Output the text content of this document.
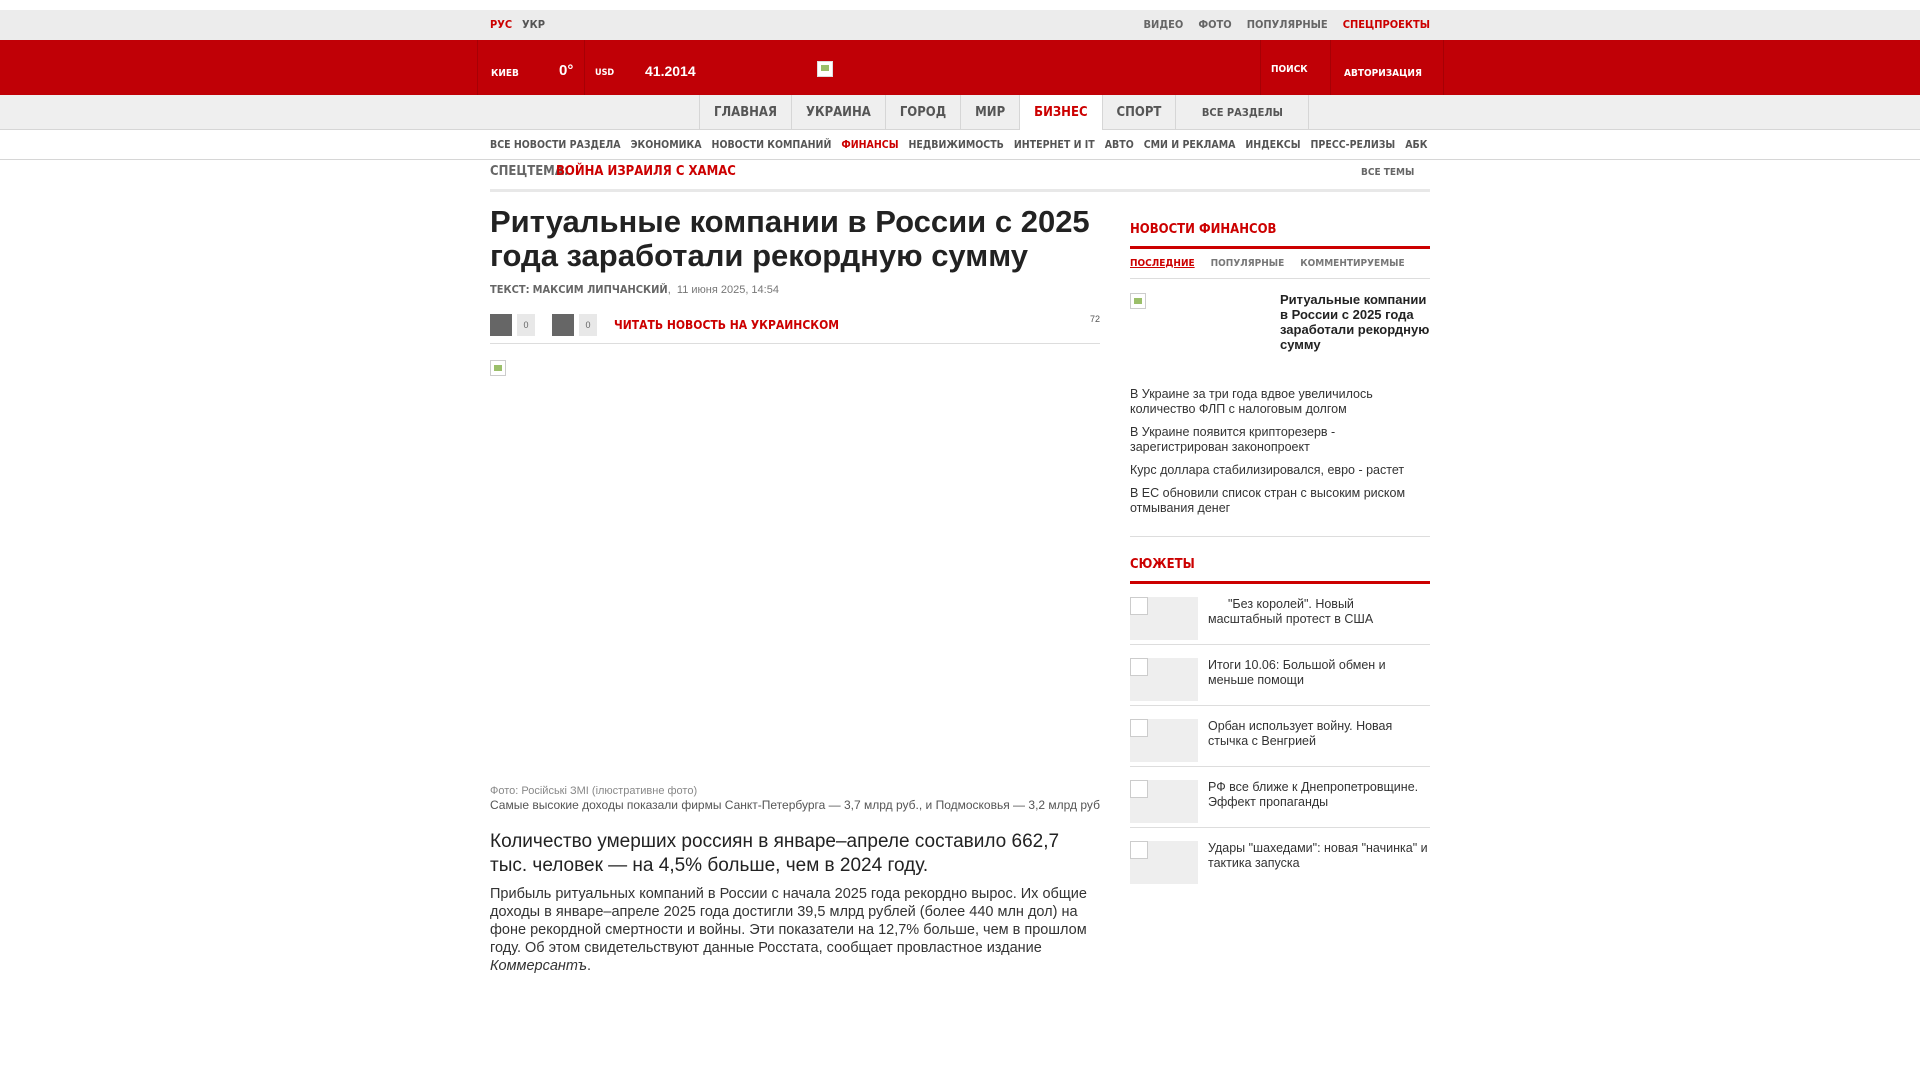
РУС УКР	ВИДЕО ФОТО ПОПУЛЯРНЫЕ СПЕЦПРОЕКТЫ
КИЕВ	0° USD 41.2014	ПОИСК	АВТОРИЗАЦИЯ
ГЛАВНАЯ	УКРАИНА	ГОРОД	МИР	БИЗНЕС	СПОРТ	ВСЕ РАЗДЕЛЫ
ВСЕ НОВОСТИ РАЗДЕЛА ЭКОНОМИКА НОВОСТИ КОМПАНИЙ ФИНАНСЫ НЕДВИЖИМОСТЬ ИНТЕРНЕТ И IT АВТО СМИ И РЕКЛАМА ИНДЕКСЫ ПРЕСС-РЕЛИЗЫ АБК
СПЕЦТЕМА:
ВОЙНА ИЗРАИЛЯ С ХАМАС	ВСЕ ТЕМЫ
Ритуальные компании в России с 2025 года заработали рекордную сумму
ТЕКСТ: МАКСИМ ЛИПЧАНСКИЙ,  11 июня 2025, 14:54
0	0	ЧИТАТЬ НОВОСТЬ НА УКРАИНСКОМ	72
Фото: Російські ЗМІ (ілюстративне фото)
Самые высокие доходы показали фирмы Санкт-Петербурга — 3,7 млрд руб., и Подмосковья — 3,2 млрд руб
Количество умерших россиян в январе–апреле составило 662,7 тыс. человек — на 4,5% больше, чем в 2024 году.
Прибыль ритуальных компаний в России с начала 2025 года рекордно вырос. Их общие доходы в январе–апреле 2025 года достигли 39,5 млрд рублей (более 440 млн дол) на фоне рекордной смертности и войны. Эти показатели на 12,7% больше, чем в прошлом году. Об этом свидетельствуют данные Росстата, сообщает провластное издание Коммерсантъ.
НОВОСТИ ФИНАНСОВ
ПОСЛЕДНИЕ ПОПУЛЯРНЫЕ КОММЕНТИРУЕМЫЕ
Ритуальные компании в России с 2025 года заработали рекордную сумму
В Украине за три года вдвое увеличилось количество ФЛП с налоговым долгом
В Украине появится крипторезерв - зарегистрирован законопроект
Курс доллара стабилизировался, евро - растет
В ЕС обновили список стран с высоким риском отмывания денег
СЮЖЕТЫ
"Без королей". Новый масштабный протест в США
Итоги 10.06: Большой обмен и меньше помощи
Орбан использует войну. Новая стычка с Венгрией
РФ все ближе к Днепропетровщине. Эффект пропаганды
Удары "шахедами": новая "начинка" и тактика запуска
